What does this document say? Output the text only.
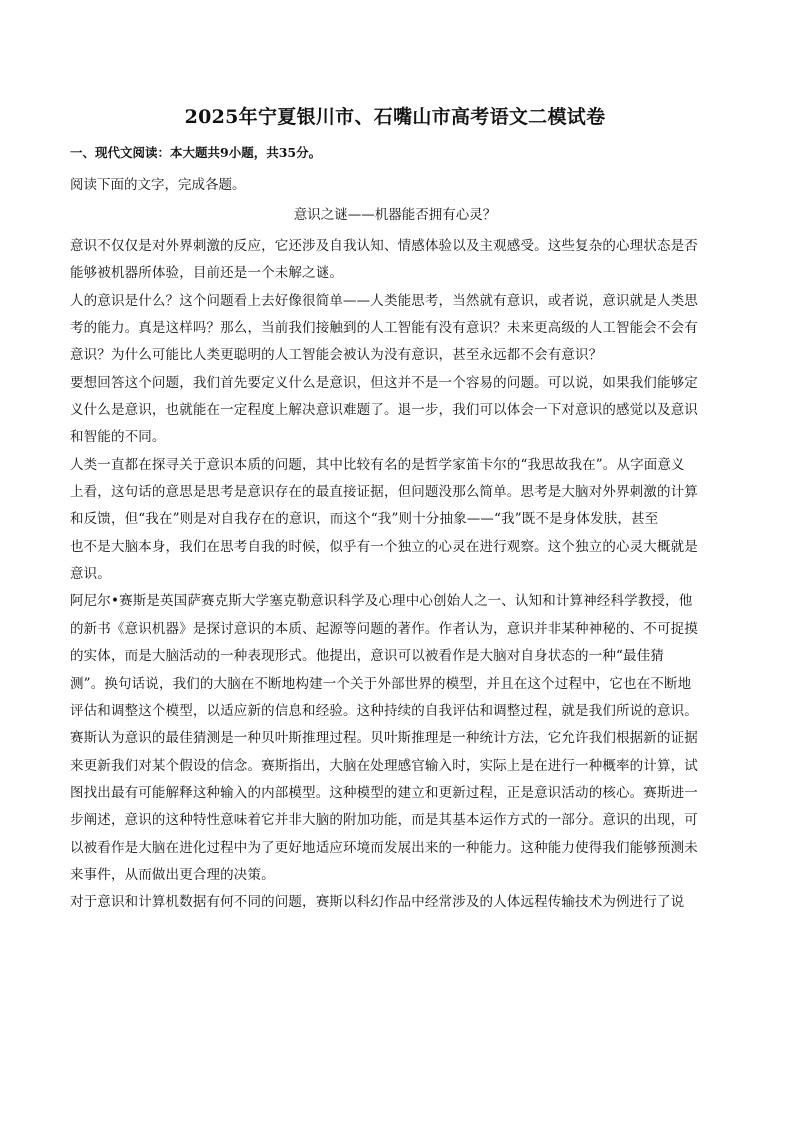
2025年宁夏银川市、石嘴山市高考语文二模试卷
一、现代文阅读：本大题共9小题，共35分。
阅读下面的文字，完成各题。
意识之谜——机器能否拥有心灵？
意识不仅仅是对外界刺激的反应，它还涉及自我认知、情感体验以及主观感受。这些复杂的心理状态是否
能够被机器所体验，目前还是一个未解之谜。
人的意识是什么？这个问题看上去好像很简单——人类能思考，当然就有意识，或者说，意识就是人类思
考的能力。真是这样吗？那么，当前我们接触到的人工智能有没有意识？未来更高级的人工智能会不会有
意识？为什么可能比人类更聪明的人工智能会被认为没有意识，甚至永远都不会有意识？
要想回答这个问题，我们首先要定义什么是意识，但这并不是一个容易的问题。可以说，如果我们能够定
义什么是意识，也就能在一定程度上解决意识难题了。退一步，我们可以体会一下对意识的感觉以及意识
和智能的不同。
人类一直都在探寻关于意识本质的问题，其中比较有名的是哲学家笛卡尔的“我思故我在”。从字面意义
上看，这句话的意思是思考是意识存在的最直接证据，但问题没那么简单。思考是大脑对外界刺激的计算
和反馈，但“我在”则是对自我存在的意识，而这个“我”则十分抽象——“我”既不是身体发肤，甚至
也不是大脑本身，我们在思考自我的时候，似乎有一个独立的心灵在进行观察。这个独立的心灵大概就是
意识。
阿尼尔•赛斯是英国萨赛克斯大学塞克勒意识科学及心理中心创始人之一、认知和计算神经科学教授，他
的新书《意识机器》是探讨意识的本质、起源等问题的著作。作者认为，意识并非某种神秘的、不可捉摸
的实体，而是大脑活动的一种表现形式。他提出，意识可以被看作是大脑对自身状态的一种“最佳猜
测”。换句话说，我们的大脑在不断地构建一个关于外部世界的模型，并且在这个过程中，它也在不断地
评估和调整这个模型，以适应新的信息和经验。这种持续的自我评估和调整过程，就是我们所说的意识。
赛斯认为意识的最佳猜测是一种贝叶斯推理过程。贝叶斯推理是一种统计方法，它允许我们根据新的证据
来更新我们对某个假设的信念。赛斯指出，大脑在处理感官输入时，实际上是在进行一种概率的计算，试
图找出最有可能解释这种输入的内部模型。这种模型的建立和更新过程，正是意识活动的核心。赛斯进一
步阐述，意识的这种特性意味着它并非大脑的附加功能，而是其基本运作方式的一部分。意识的出现，可
以被看作是大脑在进化过程中为了更好地适应环境而发展出来的一种能力。这种能力使得我们能够预测未
来事件，从而做出更合理的决策。
对于意识和计算机数据有何不同的问题，赛斯以科幻作品中经常涉及的人体远程传输技术为例进行了说
